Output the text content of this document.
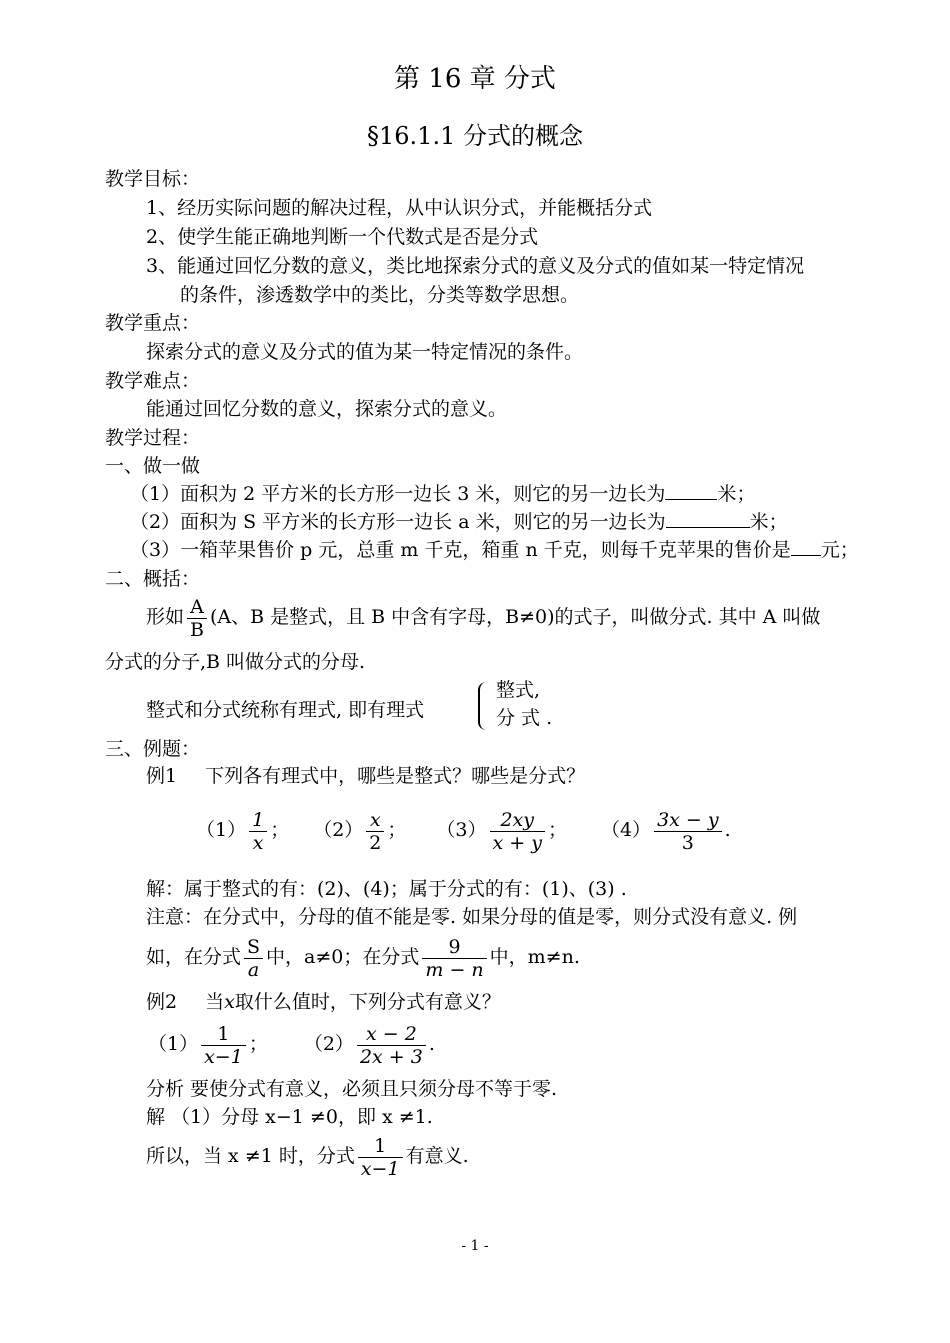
第 16 章 分式
§16.1.1 分式的概念
教学目标：
1、经历实际问题的解决过程，从中认识分式，并能概括分式
2、使学生能正确地判断一个代数式是否是分式
3、能通过回忆分数的意义，类比地探索分式的意义及分式的值如某一特定情况
的条件，渗透数学中的类比，分类等数学思想。
教学重点：
探索分式的意义及分式的值为某一特定情况的条件。
教学难点：
能通过回忆分数的意义，探索分式的意义。
教学过程：
一、做一做
（1）面积为 2 平方米的长方形一边长 3 米，则它的另一边长为	米；
（2）面积为 S 平方米的长方形一边长 a 米，则它的另一边长为	米；
（3）一箱苹果售价 p 元，总重 m 千克，箱重 n 千克，则每千克苹果的售价是 元；
二、概括：
形如 $\frac{A}{B} (A$、B 是整式，且 B 中含有字母，B≠0)的式子，叫做分式. 其中 A 叫做
分式的分子,B 叫做分式的分母.
整式和分式统称有理式, 即有理式
整式,
分 式 .
三、例题：
例1 下列各有理式中，哪些是整式？哪些是分式？
$(1) \frac{1}{x}$ ； $(2) \frac{x}{2}$ ； $(3) \frac{2xy}{x + y}$ ； $(4) \frac{3x - y}{3}$ .
解：属于整式的有：(2)、(4)；属于分式的有：(1)、(3) .
注意：在分式中，分母的值不能是零. 如果分母的值是零，则分式没有意义. 例
如，在分式 $\frac{S}{a}$ 中，a≠0；在分式 $\frac{9}{m - n}$ 中，m≠n.
例2 当x取什么值时，下列分式有意义？
$(1) \frac{1}{x-1}$ ； $(2) \frac{x - 2}{2x + 3}$ .
分析 要使分式有意义，必须且只须分母不等于零.
解 （1）分母 x−1 ≠0，即 x ≠1.
所以，当 x ≠1 时，分式 $\frac{1}{x-1}$ 有意义.
- 1 -
